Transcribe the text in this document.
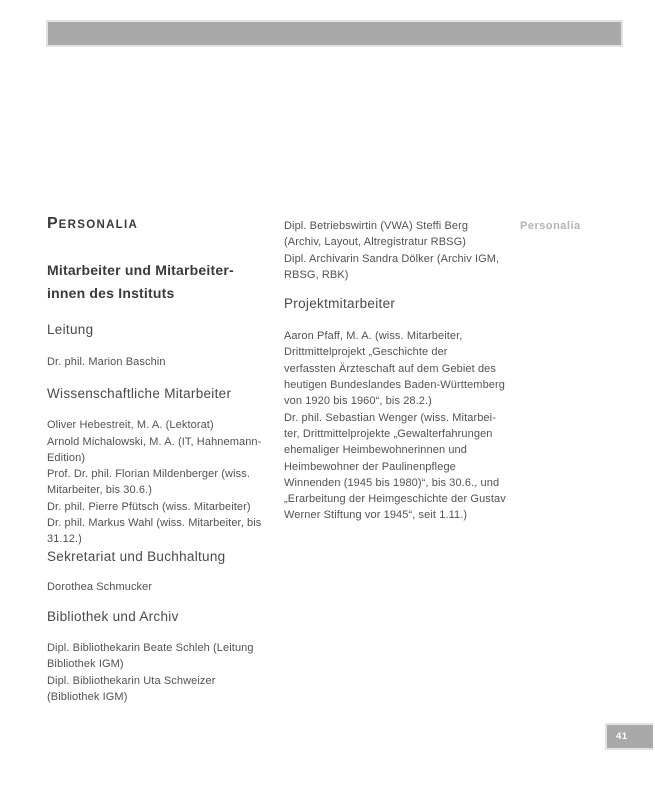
PERSONALIA
Mitarbeiter und Mitarbeiter-
innen des Instituts
Leitung
Dr. phil. Marion Baschin
Wissenschaftliche Mitarbeiter
Oliver Hebestreit, M. A. (Lektorat)
Arnold Michalowski, M. A. (IT, Hahnemann-
Edition)
Prof. Dr. phil. Florian Mildenberger (wiss.
Mitarbeiter, bis 30.6.)
Dr. phil. Pierre Pfütsch (wiss. Mitarbeiter)
Dr. phil. Markus Wahl (wiss. Mitarbeiter, bis
31.12.)
Sekretariat und Buchhaltung
Dorothea Schmucker
Bibliothek und Archiv
Dipl. Bibliothekarin Beate Schleh (Leitung
Bibliothek IGM)
Dipl. Bibliothekarin Uta Schweizer
(Bibliothek IGM)
Dipl. Betriebswirtin (VWA) Steffi Berg
(Archiv, Layout, Altregistratur RBSG)
Dipl. Archivarin Sandra Dölker (Archiv IGM,
RBSG, RBK)
Projektmitarbeiter
Aaron Pfaff, M. A. (wiss. Mitarbeiter,
Drittmittelprojekt „Geschichte der
verfassten Ärzteschaft auf dem Gebiet des
heutigen Bundeslandes Baden-Württemberg
von 1920 bis 1960“, bis 28.2.)
Dr. phil. Sebastian Wenger (wiss. Mitarbei-
ter, Drittmittelprojekte „Gewalterfahrungen
ehemaliger Heimbewohnerinnen und
Heimbewohner der Paulinenpflege
Winnenden (1945 bis 1980)“, bis 30.6., und
„Erarbeitung der Heimgeschichte der Gustav
Werner Stiftung vor 1945“, seit 1.11.)
Personalia
41
